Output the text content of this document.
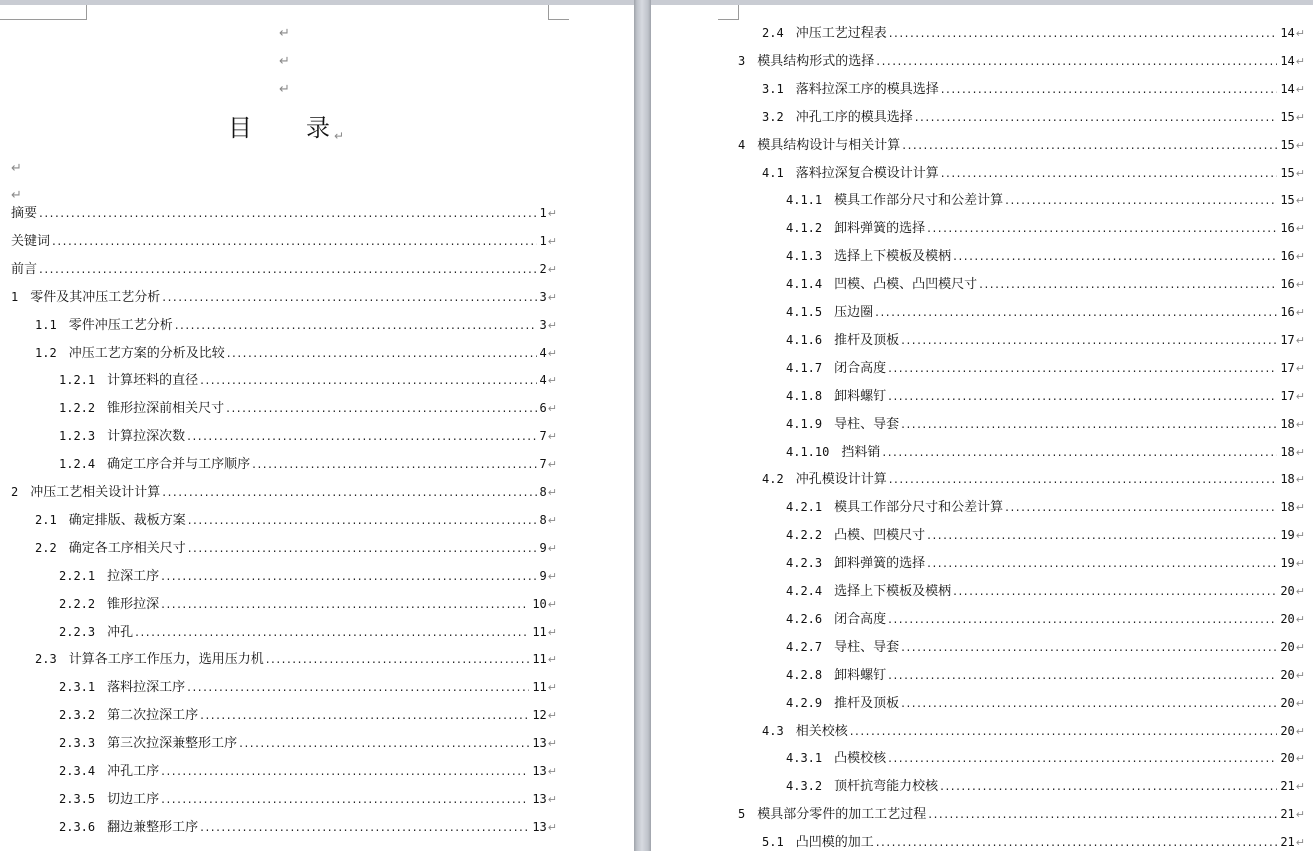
↵
↵
↵
目 录 ↵
↵
↵
摘要 .....	1 ↵
关键词 .....	1 ↵
前言 .....	2 ↵
1 零件及其冲压工艺分析 .....	3 ↵
1.1 零件冲压工艺分析 .....	3 ↵
1.2 冲压工艺方案的分析及比较 .....	4 ↵
1.2.1 计算坯料的直径 .....	4 ↵
1.2.2 锥形拉深前相关尺寸 .....	6 ↵
1.2.3 计算拉深次数 .....	7 ↵
1.2.4 确定工序合并与工序顺序 .....	7 ↵
2 冲压工艺相关设计计算 .....	8 ↵
2.1 确定排版、裁板方案 .....	8 ↵
2.2 确定各工序相关尺寸 .....	9 ↵
2.2.1 拉深工序 .....	9 ↵
2.2.2 锥形拉深 .....	10 ↵
2.2.3 冲孔 .....	11 ↵
2.3 计算各工序工作压力，选用压力机 .....	11 ↵
2.3.1 落料拉深工序 .....	11 ↵
2.3.2 第二次拉深工序 .....	12 ↵
2.3.3 第三次拉深兼整形工序 .....	13 ↵
2.3.4 冲孔工序 .....	13 ↵
2.3.5 切边工序 .....	13 ↵
2.3.6 翻边兼整形工序 .....	13 ↵
2.4 冲压工艺过程表 .....	14 ↵
3 模具结构形式的选择 .....	14 ↵
3.1 落料拉深工序的模具选择 .....	14 ↵
3.2 冲孔工序的模具选择 .....	15 ↵
4 模具结构设计与相关计算 .....	15 ↵
4.1 落料拉深复合模设计计算 .....	15 ↵
4.1.1 模具工作部分尺寸和公差计算 .....	15 ↵
4.1.2 卸料弹簧的选择 .....	16 ↵
4.1.3 选择上下模板及模柄 .....	16 ↵
4.1.4 凹模、凸模、凸凹模尺寸 .....	16 ↵
4.1.5 压边圈 .....	16 ↵
4.1.6 推杆及顶板 .....	17 ↵
4.1.7 闭合高度 .....	17 ↵
4.1.8 卸料螺钉 .....	17 ↵
4.1.9 导柱、导套 .....	18 ↵
4.1.10 挡料销 .....	18 ↵
4.2 冲孔模设计计算 .....	18 ↵
4.2.1 模具工作部分尺寸和公差计算 .....	18 ↵
4.2.2 凸模、凹模尺寸 .....	19 ↵
4.2.3 卸料弹簧的选择 .....	19 ↵
4.2.4 选择上下模板及模柄 .....	20 ↵
4.2.6 闭合高度 .....	20 ↵
4.2.7 导柱、导套 .....	20 ↵
4.2.8 卸料螺钉 .....	20 ↵
4.2.9 推杆及顶板 .....	20 ↵
4.3 相关校核 .....	20 ↵
4.3.1 凸模校核 .....	20 ↵
4.3.2 顶杆抗弯能力校核 .....	21 ↵
5 模具部分零件的加工工艺过程 .....	21 ↵
5.1 凸凹模的加工 .....	21 ↵
